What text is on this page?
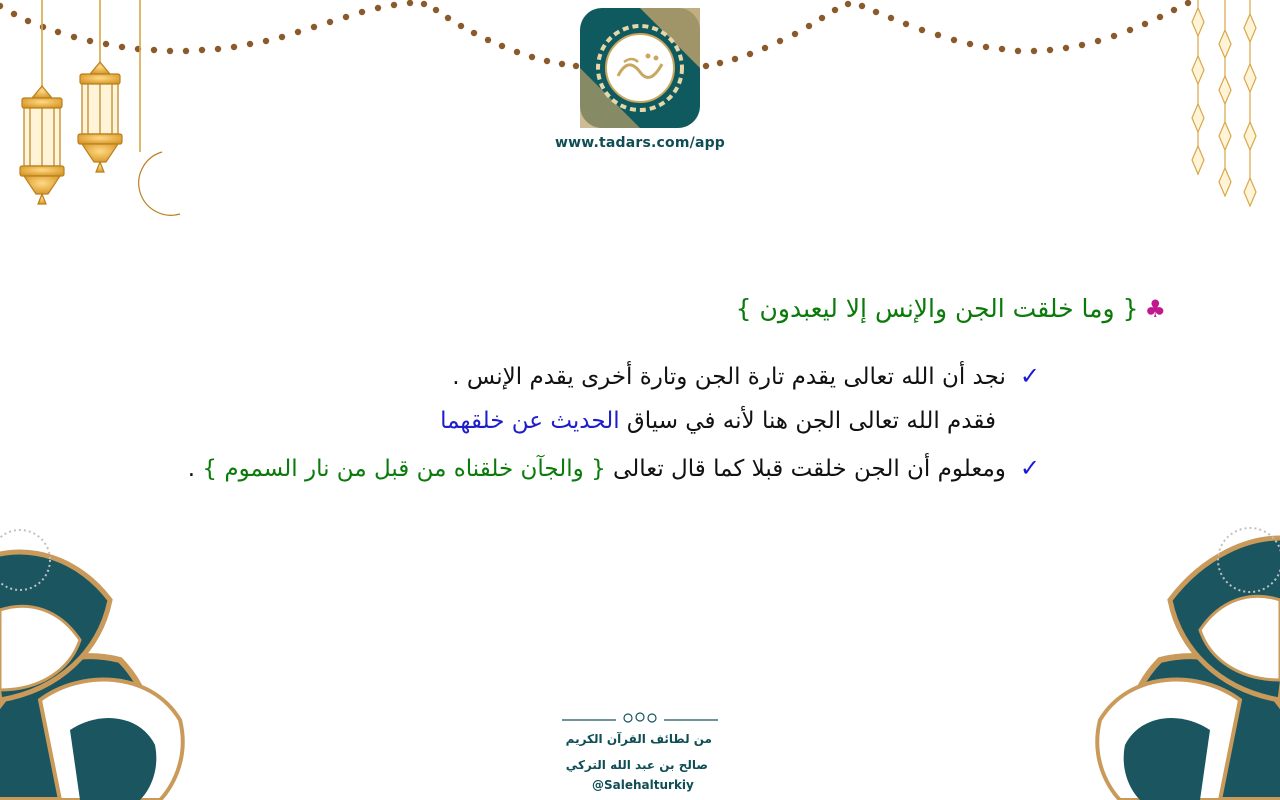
www.tadars.com/app
♣{ وما خلقت الجن والإنس إلا ليعبدون }
✓نجد أن الله تعالى يقدم تارة الجن وتارة أخرى يقدم الإنس .
فقدم الله تعالى الجن هنا لأنه في سياق الحديث عن خلقهما
✓ومعلوم أن الجن خلقت قبلا كما قال تعالى { والجآن خلقناه من قبل من نار السموم } .
من لطائف القرآن الكريم
صالح بن عبد الله التركي
@Salehalturkiy
